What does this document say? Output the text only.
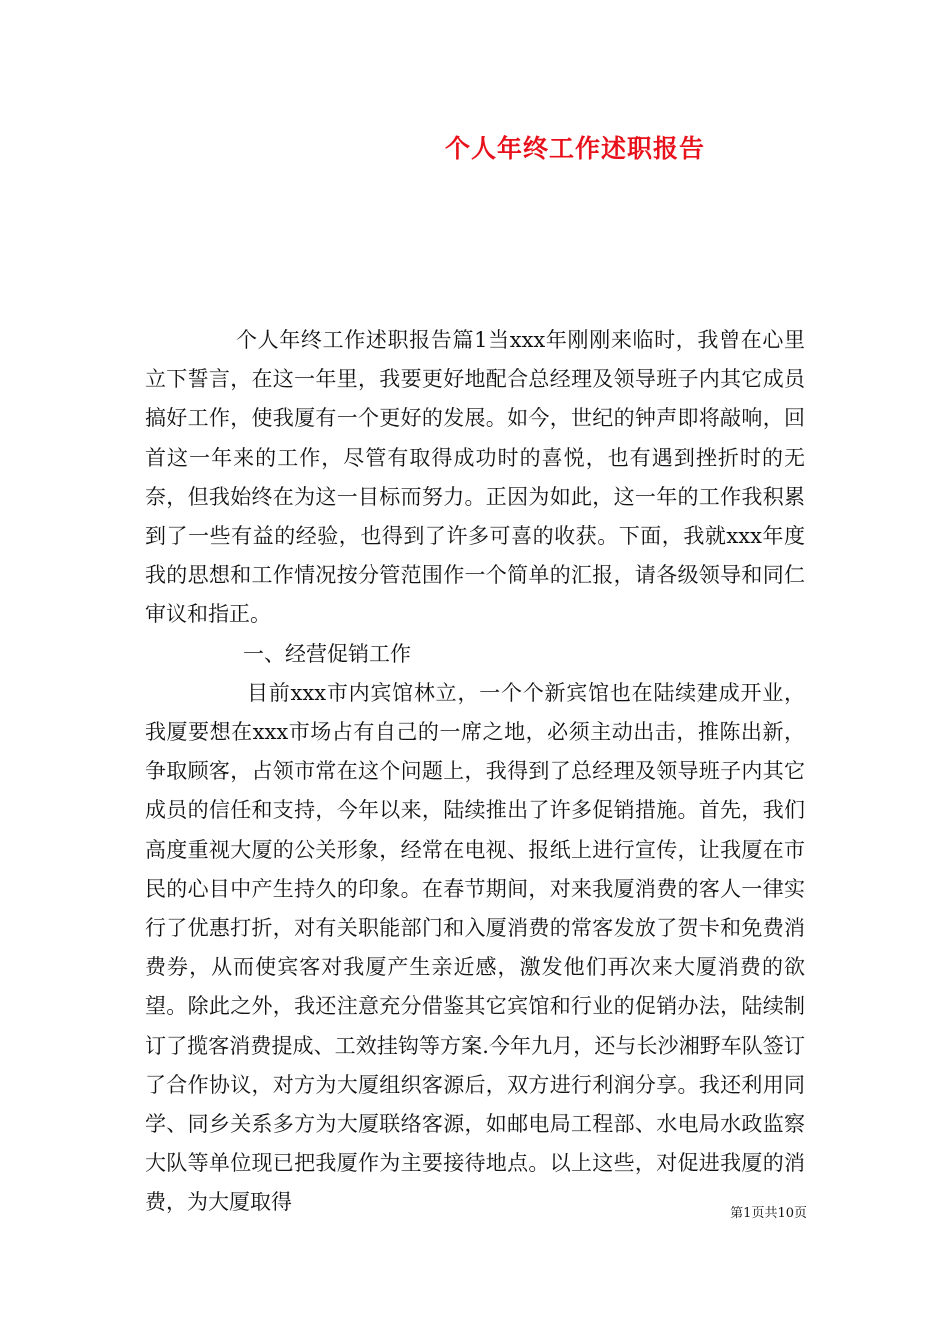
个人年终工作述职报告

个人年终工作述职报告篇1当xxx年刚刚来临时，我曾在心里立下誓言，在这一年里，我要更好地配合总经理及领导班子内其它成员搞好工作，使我厦有一个更好的发展。如今，世纪的钟声即将敲响，回首这一年来的工作，尽管有取得成功时的喜悦，也有遇到挫折时的无奈，但我始终在为这一目标而努力。正因为如此，这一年的工作我积累到了一些有益的经验，也得到了许多可喜的收获。下面，我就xxx年度我的思想和工作情况按分管范围作一个简单的汇报，请各级领导和同仁审议和指正。

一、经营促销工作

目前xxx市内宾馆林立，一个个新宾馆也在陆续建成开业，我厦要想在xxx市场占有自己的一席之地，必须主动出击，推陈出新，争取顾客，占领市常在这个问题上，我得到了总经理及领导班子内其它成员的信任和支持，今年以来，陆续推出了许多促销措施。首先，我们高度重视大厦的公关形象，经常在电视、报纸上进行宣传，让我厦在市民的心目中产生持久的印象。在春节期间，对来我厦消费的客人一律实行了优惠打折，对有关职能部门和入厦消费的常客发放了贺卡和免费消费券，从而使宾客对我厦产生亲近感，激发他们再次来大厦消费的欲望。除此之外，我还注意充分借鉴其它宾馆和行业的促销办法，陆续制订了揽客消费提成、工效挂钩等方案.今年九月，还与长沙湘野车队签订了合作协议，对方为大厦组织客源后，双方进行利润分享。我还利用同学、同乡关系多方为大厦联络客源，如邮电局工程部、水电局水政监察大队等单位现已把我厦作为主要接待地点。以上这些，对促进我厦的消费，为大厦取得	第1页共10页
